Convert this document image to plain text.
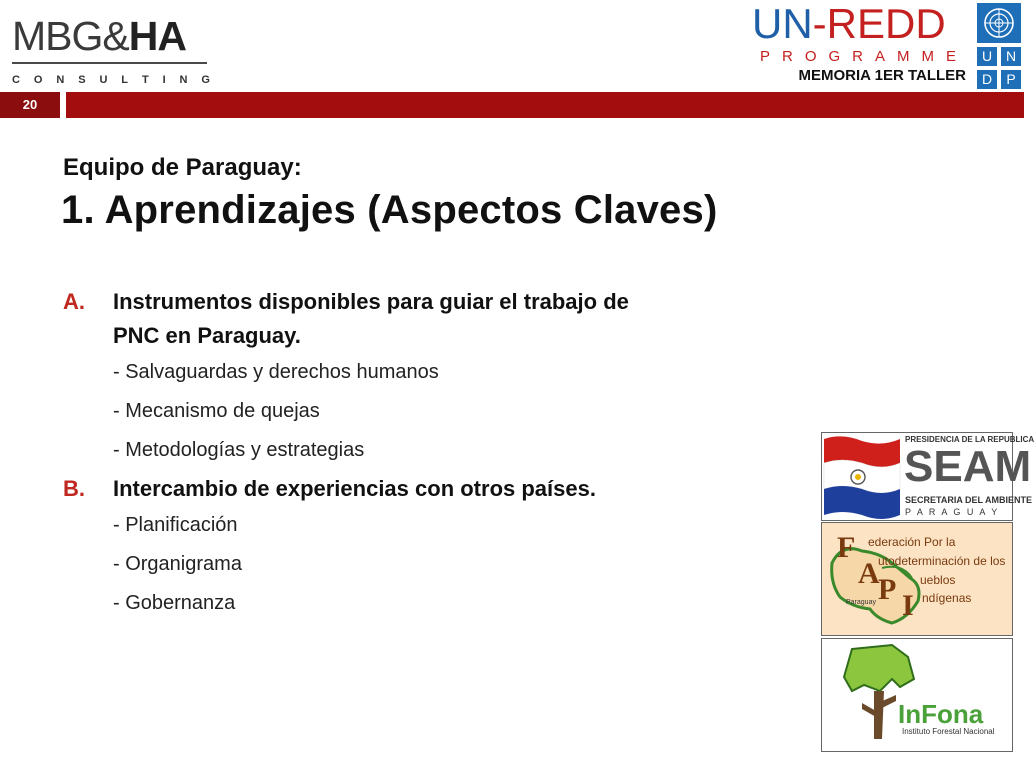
MBG&HA
C O N S U L T I N G
UN-REDD
P R O G R A M M E
MEMORIA 1ER TALLER
U N
D	P
20
Equipo de Paraguay:
1. Aprendizajes (Aspectos Claves)
A. Instrumentos disponibles para guiar el trabajo de
PNC en Paraguay.
- Salvaguardas y derechos humanos
- Mecanismo de quejas
- Metodologías y estrategias
B. Intercambio de experiencias con otros países.
- Planificación
- Organigrama
- Gobernanza
PRESIDENCIA DE LA REPUBLICA
SEAM
SECRETARIA DEL AMBIENTE
P A R A G U A Y
F
A
P I
ederación Por la
utodeterminación de los
ueblos
ndígenas
Paraguay
InFona
Instituto Forestal Nacional
